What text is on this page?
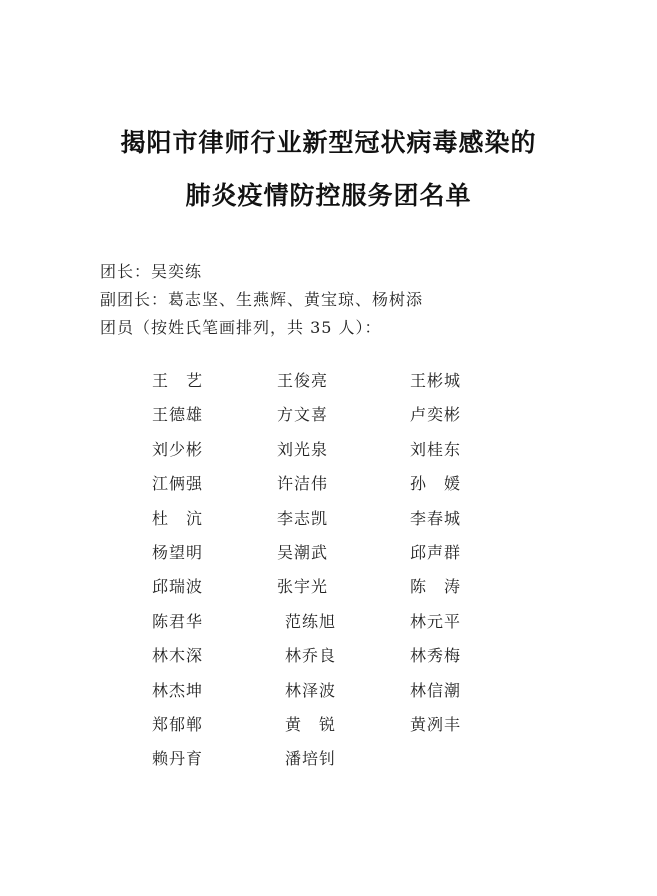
揭阳市律师行业新型冠状病毒感染的
肺炎疫情防控服务团名单
团长：吴奕练
副团长：葛志坚、生燕辉、黄宝琼、杨树添
团员（按姓氏笔画排列，共 35 人）：
王　艺	王俊亮	王彬城
王德雄	方文喜	卢奕彬
刘少彬	刘光泉	刘桂东
江俩强	许洁伟	孙　媛
杜　沆	李志凯	李春城
杨望明	吴潮武	邱声群
邱瑞波	张宇光	陈　涛
陈君华	范练旭	林元平
林木深	林乔良	林秀梅
林杰坤	林泽波	林信潮
郑郁郸	黄　锐	黄冽丰
赖丹育	潘培钊
